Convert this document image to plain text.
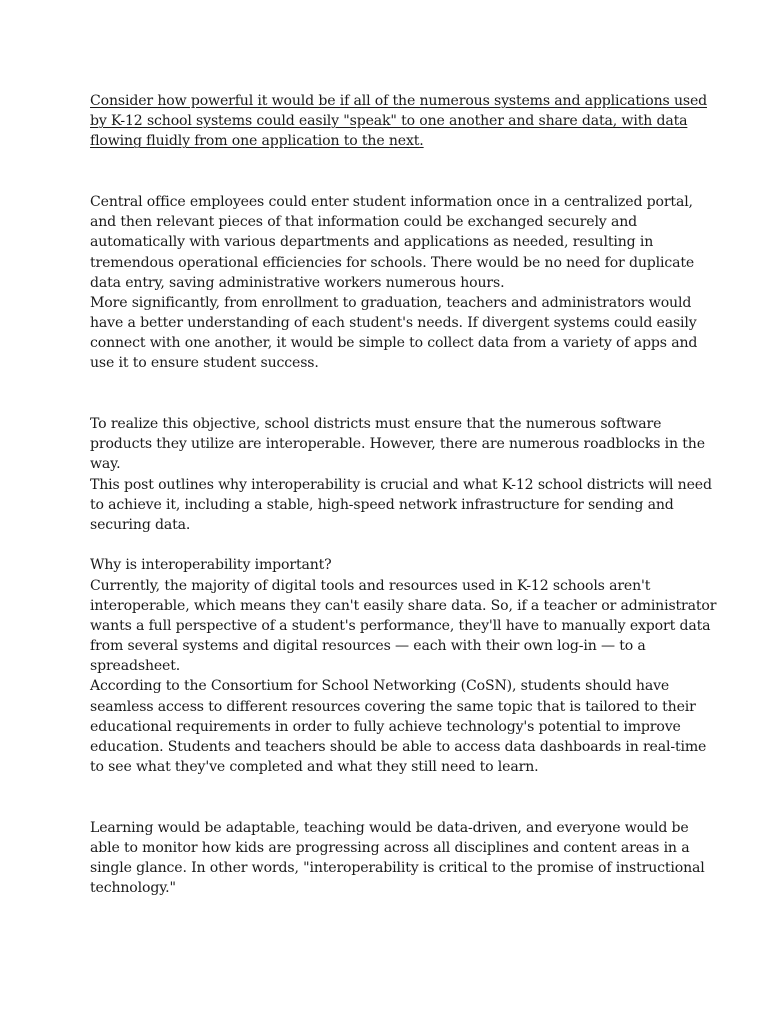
Consider how powerful it would be if all of the numerous systems and applications used
by K-12 school systems could easily "speak" to one another and share data, with data
flowing fluidly from one application to the next.
Central office employees could enter student information once in a centralized portal,
and then relevant pieces of that information could be exchanged securely and
automatically with various departments and applications as needed, resulting in
tremendous operational efficiencies for schools. There would be no need for duplicate
data entry, saving administrative workers numerous hours.
More significantly, from enrollment to graduation, teachers and administrators would
have a better understanding of each student's needs. If divergent systems could easily
connect with one another, it would be simple to collect data from a variety of apps and
use it to ensure student success.
To realize this objective, school districts must ensure that the numerous software
products they utilize are interoperable. However, there are numerous roadblocks in the
way.
This post outlines why interoperability is crucial and what K-12 school districts will need
to achieve it, including a stable, high-speed network infrastructure for sending and
securing data.
Why is interoperability important?
Currently, the majority of digital tools and resources used in K-12 schools aren't
interoperable, which means they can't easily share data. So, if a teacher or administrator
wants a full perspective of a student's performance, they'll have to manually export data
from several systems and digital resources — each with their own log-in — to a
spreadsheet.
According to the Consortium for School Networking (CoSN), students should have
seamless access to different resources covering the same topic that is tailored to their
educational requirements in order to fully achieve technology's potential to improve
education. Students and teachers should be able to access data dashboards in real-time
to see what they've completed and what they still need to learn.
Learning would be adaptable, teaching would be data-driven, and everyone would be
able to monitor how kids are progressing across all disciplines and content areas in a
single glance. In other words, "interoperability is critical to the promise of instructional
technology."
